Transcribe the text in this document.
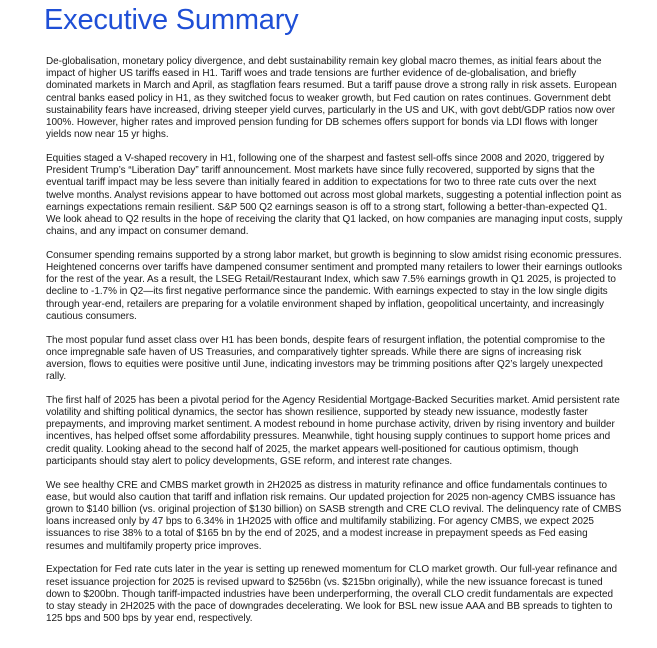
Executive Summary

De-globalisation, monetary policy divergence, and debt sustainability remain key global macro themes, as initial fears about the impact of higher US tariffs eased in H1. Tariff woes and trade tensions are further evidence of de-globalisation, and briefly dominated markets in March and April, as stagflation fears resumed. But a tariff pause drove a strong rally in risk assets. European central banks eased policy in H1, as they switched focus to weaker growth, but Fed caution on rates continues. Government debt sustainability fears have increased, driving steeper yield curves, particularly in the US and UK, with govt debt/GDP ratios now over 100%. However, higher rates and improved pension funding for DB schemes offers support for bonds via LDI flows with longer yields now near 15 yr highs.

Equities staged a V-shaped recovery in H1, following one of the sharpest and fastest sell-offs since 2008 and 2020, triggered by President Trump’s “Liberation Day” tariff announcement. Most markets have since fully recovered, supported by signs that the eventual tariff impact may be less severe than initially feared in addition to expectations for two to three rate cuts over the next twelve months. Analyst revisions appear to have bottomed out across most global markets, suggesting a potential inflection point as earnings expectations remain resilient. S&P 500 Q2 earnings season is off to a strong start, following a better-than-expected Q1. We look ahead to Q2 results in the hope of receiving the clarity that Q1 lacked, on how companies are managing input costs, supply chains, and any impact on consumer demand.

Consumer spending remains supported by a strong labor market, but growth is beginning to slow amidst rising economic pressures. Heightened concerns over tariffs have dampened consumer sentiment and prompted many retailers to lower their earnings outlooks for the rest of the year. As a result, the LSEG Retail/Restaurant Index, which saw 7.5% earnings growth in Q1 2025, is projected to decline to -1.7% in Q2—its first negative performance since the pandemic. With earnings expected to stay in the low single digits through year-end, retailers are preparing for a volatile environment shaped by inflation, geopolitical uncertainty, and increasingly cautious consumers.

The most popular fund asset class over H1 has been bonds, despite fears of resurgent inflation, the potential compromise to the once impregnable safe haven of US Treasuries, and comparatively tighter spreads. While there are signs of increasing risk aversion, flows to equities were positive until June, indicating investors may be trimming positions after Q2’s largely unexpected rally.

The first half of 2025 has been a pivotal period for the Agency Residential Mortgage-Backed Securities market. Amid persistent rate volatility and shifting political dynamics, the sector has shown resilience, supported by steady new issuance, modestly faster prepayments, and improving market sentiment. A modest rebound in home purchase activity, driven by rising inventory and builder incentives, has helped offset some affordability pressures. Meanwhile, tight housing supply continues to support home prices and credit quality. Looking ahead to the second half of 2025, the market appears well-positioned for cautious optimism, though participants should stay alert to policy developments, GSE reform, and interest rate changes.

We see healthy CRE and CMBS market growth in 2H2025 as distress in maturity refinance and office fundamentals continues to ease, but would also caution that tariff and inflation risk remains. Our updated projection for 2025 non-agency CMBS issuance has grown to $140 billion (vs. original projection of $130 billion) on SASB strength and CRE CLO revival. The delinquency rate of CMBS loans increased only by 47 bps to 6.34% in 1H2025 with office and multifamily stabilizing. For agency CMBS, we expect 2025 issuances to rise 38% to a total of $165 bn by the end of 2025, and a modest increase in prepayment speeds as Fed easing resumes and multifamily property price improves.

Expectation for Fed rate cuts later in the year is setting up renewed momentum for CLO market growth. Our full-year refinance and reset issuance projection for 2025 is revised upward to $256bn (vs. $215bn originally), while the new issuance forecast is tuned down to $200bn. Though tariff-impacted industries have been underperforming, the overall CLO credit fundamentals are expected to stay steady in 2H2025 with the pace of downgrades decelerating. We look for BSL new issue AAA and BB spreads to tighten to 125 bps and 500 bps by year end, respectively.
